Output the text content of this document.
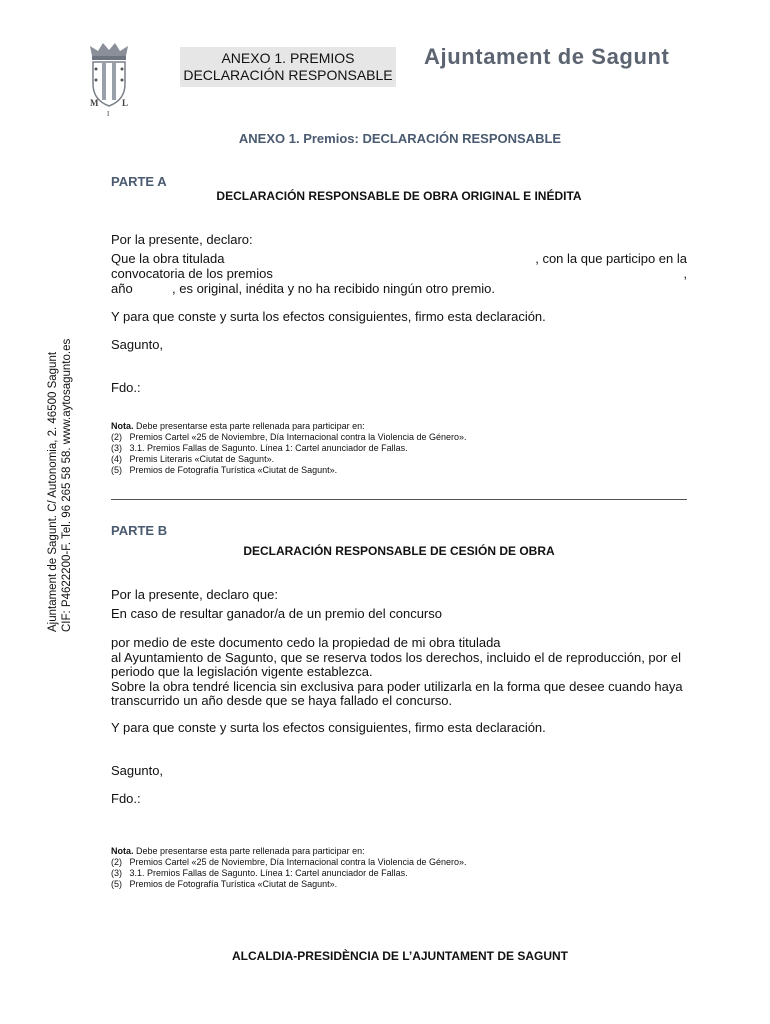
M	L
I
ANEXO 1. PREMIOS
DECLARACIÓN RESPONSABLE
Ajuntament de Sagunt
Ajuntament de Sagunt. C/ Autonomia, 2. 46500 Sagunt CIF: P4622200-F. Tel. 96 265 58 58. www.aytosagunto.es
ANEXO 1. Premios: DECLARACIÓN RESPONSABLE
PARTE A
DECLARACIÓN RESPONSABLE DE OBRA ORIGINAL E INÉDITA
Por la presente, declaro:
Que la obra titulada	, con la que participo en la
convocatoria de los premios	,
año	, es original, inédita y no ha recibido ningún otro premio.
Y para que conste y surta los efectos consiguientes, firmo esta declaración.
Sagunto,
Fdo.:
Nota. Debe presentarse esta parte rellenada para participar en:
(2)   Premios Cartel «25 de Noviembre, Día Internacional contra la Violencia de Género».
(3)   3.1. Premios Fallas de Sagunto. Línea 1: Cartel anunciador de Fallas.
(4)   Premis Literaris «Ciutat de Sagunt».
(5)   Premios de Fotografía Turística «Ciutat de Sagunt».
PARTE B
DECLARACIÓN RESPONSABLE DE CESIÓN DE OBRA
Por la presente, declaro que:
En caso de resultar ganador/a de un premio del concurso
por medio de este documento cedo la propiedad de mi obra titulada
al Ayuntamiento de Sagunto, que se reserva todos los derechos, incluido el de reproducción, por el
periodo que la legislación vigente establezca.
Sobre la obra tendré licencia sin exclusiva para poder utilizarla en la forma que desee cuando haya
transcurrido un año desde que se haya fallado el concurso.
Y para que conste y surta los efectos consiguientes, firmo esta declaración.
Sagunto,
Fdo.:
Nota. Debe presentarse esta parte rellenada para participar en:
(2)   Premios Cartel «25 de Noviembre, Día Internacional contra la Violencia de Género».
(3)   3.1. Premios Fallas de Sagunto. Línea 1: Cartel anunciador de Fallas.
(5)   Premios de Fotografía Turística «Ciutat de Sagunt».
ALCALDIA-PRESIDÈNCIA DE L’AJUNTAMENT DE SAGUNT
